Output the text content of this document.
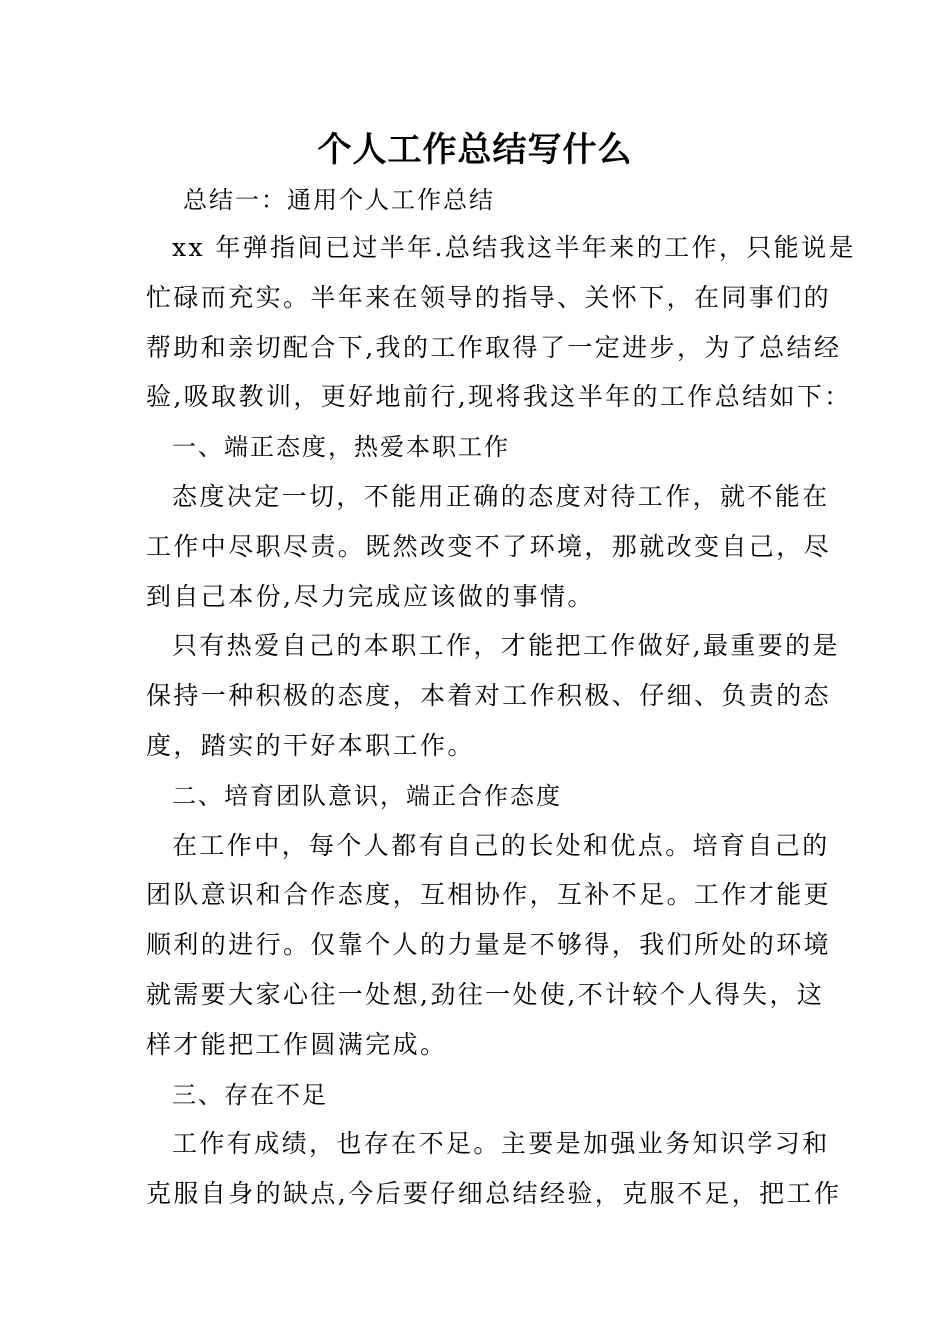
个人工作总结写什么
总结一：通用个人工作总结
xx 年弹指间已过半年.总结我这半年来的工作，只能说是
忙碌而充实。半年来在领导的指导、关怀下，在同事们的
帮助和亲切配合下,我的工作取得了一定进步，为了总结经
验,吸取教训，更好地前行,现将我这半年的工作总结如下：
一、端正态度，热爱本职工作
态度决定一切，不能用正确的态度对待工作，就不能在
工作中尽职尽责。既然改变不了环境，那就改变自己，尽
到自己本份,尽力完成应该做的事情。
只有热爱自己的本职工作，才能把工作做好,最重要的是
保持一种积极的态度，本着对工作积极、仔细、负责的态
度，踏实的干好本职工作。
二、培育团队意识，端正合作态度
在工作中，每个人都有自己的长处和优点。培育自己的
团队意识和合作态度，互相协作，互补不足。工作才能更
顺利的进行。仅靠个人的力量是不够得，我们所处的环境
就需要大家心往一处想,劲往一处使,不计较个人得失，这
样才能把工作圆满完成。
三、存在不足
工作有成绩，也存在不足。主要是加强业务知识学习和
克服自身的缺点,今后要仔细总结经验，克服不足，把工作
